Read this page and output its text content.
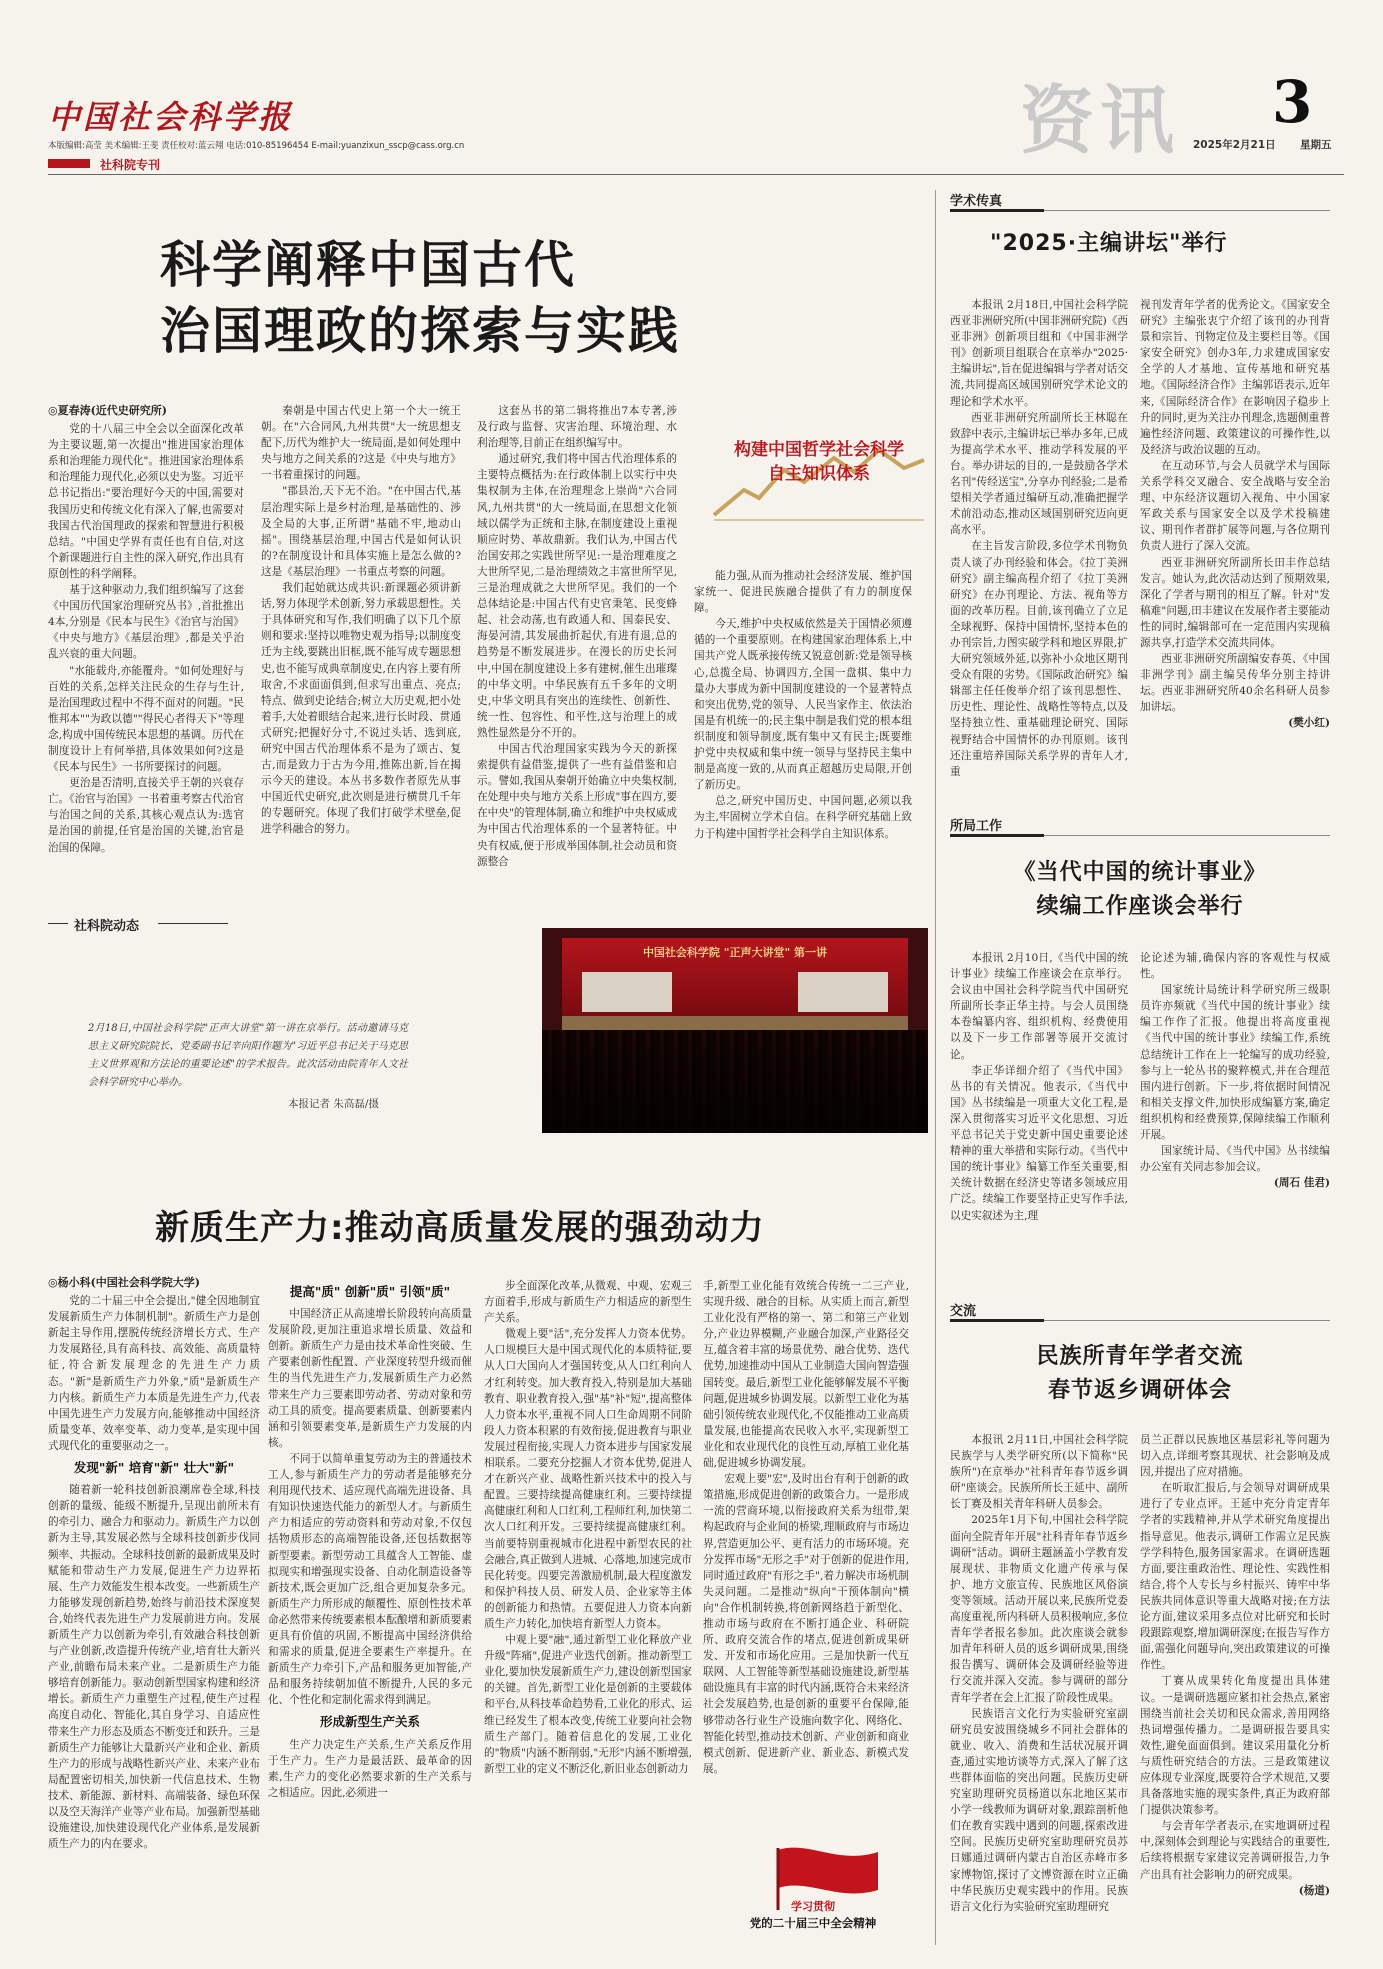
中国社会科学报
本版编辑:高莹 美术编辑:王斐 责任校对:蓝云翔 电话:010-85196454 E-mail:yuanzixun_sscp@cass.org.cn
社科院专刊
资讯 3
2025年2月21日 星期五
科学阐释中国古代
治国理政的探索与实践

◎夏春涛(近代史研究所)

党的十八届三中全会以全面深化改革为主要议题,第一次提出"推进国家治理体系和治理能力现代化"。推进国家治理体系和治理能力现代化,必须以史为鉴。习近平总书记指出:"要治理好今天的中国,需要对我国历史和传统文化有深入了解,也需要对我国古代治国理政的探索和智慧进行积极总结。"中国史学界有责任也有自信,对这个新课题进行自主性的深入研究,作出具有原创性的科学阐释。

基于这种驱动力,我们组织编写了这套《中国历代国家治理研究丛书》,首批推出4本,分别是《民本与民生》《治官与治国》《中央与地方》《基层治理》,都是关乎治乱兴衰的重大问题。

"水能载舟,亦能覆舟。"如何处理好与百姓的关系,怎样关注民众的生存与生计,是治国理政过程中不得不面对的问题。"民惟邦本""为政以德""得民心者得天下"等理念,构成中国传统民本思想的基调。历代在制度设计上有何举措,具体效果如何?这是《民本与民生》一书所要探讨的问题。

更治是否清明,直接关乎王朝的兴衰存亡。《治官与治国》一书着重考察古代治官与治国之间的关系,其核心观点认为:选官是治国的前提,任官是治国的关键,治官是治国的保障。

秦朝是中国古代史上第一个大一统王朝。在"六合同风,九州共贯"大一统思想支配下,历代为维护大一统局面,是如何处理中央与地方之间关系的?这是《中央与地方》一书着重探讨的问题。

"郡县治,天下无不治。"在中国古代,基层治理实际上是乡村治理,是基础性的、涉及全局的大事,正所谓"基础不牢,地动山摇"。围绕基层治理,中国古代是如何认识的?在制度设计和具体实施上是怎么做的?这是《基层治理》一书重点考察的问题。

我们起始就达成共识:新课题必须讲新话,努力体现学术创新,努力承载思想性。关于具体研究和写作,我们明确了以下几个原则和要求:坚持以唯物史观为指导;以制度变迁为主线,要跳出旧框,既不能写成专题思想史,也不能写成典章制度史,在内容上要有所取舍,不求面面俱到,但求写出重点、亮点;特点、做到史论结合;树立大历史观,把小处着手,大处着眼结合起来,进行长时段、贯通式研究;把握好分寸,不说过头话、选到底,研究中国古代治理体系不是为了颂古、复古,而是致力于古为今用,推陈出新,旨在揭示今天的建设。本丛书多数作者原先从事中国近代史研究,此次则是进行横贯几千年的专题研究。体现了我们打破学术壁垒,促进学科融合的努力。

这套丛书的第二辑将推出7本专著,涉及行政与监督、灾害治理、环境治理、水利治理等,目前正在组织编写中。

通过研究,我们将中国古代治理体系的主要特点概括为:在行政体制上以实行中央集权制为主体,在治理理念上崇尚"六合同风,九州共贯"的大一统局面,在思想文化领域以儒学为正统和主脉,在制度建设上重视顺应时势、革故鼎新。我们认为,中国古代治国安邦之实践世所罕见:一是治理难度之大世所罕见,二是治理绩效之丰富世所罕见,三是治理成就之大世所罕见。我们的一个总体结论是:中国古代有史官秉笔、民变蜂起、社会动荡,也有政通人和、国泰民安、海晏河清,其发展曲折起伏,有进有退,总的趋势是不断发展进步。在漫长的历史长河中,中国在制度建设上多有建树,催生出璀璨的中华文明。中华民族有五千多年的文明史,中华文明具有突出的连续性、创新性、统一性、包容性、和平性,这与治理上的成熟性显然是分不开的。

中国古代治理国家实践为今天的新探索提供有益借鉴,提供了一些有益借鉴和启示。譬如,我国从秦朝开始确立中央集权制,在处理中央与地方关系上形成"事在四方,要在中央"的管理体制,确立和维护中央权威成为中国古代治理体系的一个显著特征。中央有权威,便于形成举国体制,社会动员和资源整合

构建中国哲学社会科学
自主知识体系

能力强,从而为推动社会经济发展、维护国家统一、促进民族融合提供了有力的制度保障。

今天,维护中央权威依然是关于国情必须遵循的一个重要原则。在构建国家治理体系上,中国共产党人既承接传统又锐意创新:党是领导核心,总揽全局、协调四方,全国一盘棋、集中力量办大事成为新中国制度建设的一个显著特点和突出优势,党的领导、人民当家作主、依法治国是有机统一的;民主集中制是我们党的根本组织制度和领导制度,既有集中又有民主;既要维护党中央权威和集中统一领导与坚持民主集中制是高度一致的,从而真正超越历史局限,开创了新历史。

总之,研究中国历史、中国问题,必须以我为主,牢固树立学术自信。在科学研究基础上致力于构建中国哲学社会科学自主知识体系。

社科院动态
2月18日,中国社会科学院"正声大讲堂"第一讲在京举行。活动邀请马克思主义研究院院长、党委副书记辛向阳作题为"习近平总书记关于马克思主义世界观和方法论的重要论述"的学术报告。此次活动由院青年人文社会科学研究中心举办。
本报记者 朱高磊/摄
中国社会科学院 "正声大讲堂" 第一讲
新质生产力:推动高质量发展的强劲动力

◎杨小科(中国社会科学院大学)

党的二十届三中全会提出,"健全因地制宜发展新质生产力体制机制"。新质生产力是创新起主导作用,摆脱传统经济增长方式、生产力发展路径,具有高科技、高效能、高质量特征,符合新发展理念的先进生产力质态。"新"是新质生产力外象,"质"是新质生产力内核。新质生产力本质是先进生产力,代表中国先进生产力发展方向,能够推动中国经济质量变革、效率变革、动力变革,是实现中国式现代化的重要驱动之一。

发现"新" 培育"新" 壮大"新"

随着新一轮科技创新浪潮席卷全球,科技创新的量级、能级不断提升,呈现出前所未有的牵引力、融合力和驱动力。新质生产力以创新为主导,其发展必然与全球科技创新步伐同频率、共振动。全球科技创新的最新成果及时赋能和带动生产力发展,促进生产力边界拓展、生产力效能发生根本改变。一些新质生产力能够发现创新趋势,始终与前沿技术深度契合,始终代表先进生产力发展前进方向。发展新质生产力以创新为牵引,有效融合科技创新与产业创新,改造提升传统产业,培育壮大新兴产业,前瞻布局未来产业。二是新质生产力能够培育创新能力。驱动创新型国家构建和经济增长。新质生产力重塑生产过程,使生产过程高度自动化、智能化,其自身学习、自适应性带来生产力形态及质态不断变迁和跃升。三是新质生产力能够让大量新兴产业和企业、新质生产力的形成与战略性新兴产业、未来产业布局配置密切相关,加快新一代信息技术、生物技术、新能源、新材料、高端装备、绿色环保以及空天海洋产业等产业布局。加强新型基础设施建设,加快建设现代化产业体系,是发展新质生产力的内在要求。

提高"质" 创新"质" 引领"质"

中国经济正从高速增长阶段转向高质量发展阶段,更加注重追求增长质量、效益和创新。新质生产力是由技术革命性突破、生产要素创新性配置、产业深度转型升级而催生的当代先进生产力,发展新质生产力必然带来生产力三要素即劳动者、劳动对象和劳动工具的质变。提高要素质量、创新要素内涵和引领要素变革,是新质生产力发展的内核。

不同于以简单重复劳动为主的普通技术工人,参与新质生产力的劳动者是能够充分利用现代技术、适应现代高端先进设备、具有知识快速迭代能力的新型人才。与新质生产力相适应的劳动资料和劳动对象,不仅包括物质形态的高端智能设备,还包括数据等新型要素。新型劳动工具蕴含人工智能、虚拟现实和增强现实设备、自动化制造设备等新技术,既会更加广泛,组合更加复杂多元。新质生产力所形成的颠覆性、原创性技术革命必然带来传统要素根本酝酿增和新质要素更具有价值的巩固,不断提高中国经济供给和需求的质量,促进全要素生产率提升。在新质生产力牵引下,产品和服务更加智能,产品和服务持续朝加值不断提升,人民的多元化、个性化和定制化需求得到满足。

形成新型生产关系

生产力决定生产关系,生产关系反作用于生产力。生产力是最活跃、最革命的因素,生产力的变化必然要求新的生产关系与之相适应。因此,必须进一

步全面深化改革,从微观、中观、宏观三方面着手,形成与新质生产力相适应的新型生产关系。

微观上要"活",充分发挥人力资本优势。人口规模巨大是中国式现代化的本质特征,要从人口大国向人才强国转变,从人口红利向人才红利转变。加大教育投入,特别是加大基础教育、职业教育投入,强"基"补"短",提高整体人力资本水平,重视不同人口生命周期不同阶段人力资本积累的有效衔接,促进教育与职业发展过程衔接,实现人力资本进步与国家发展相联系。二要充分挖掘人才资本优势,促进人才在新兴产业、战略性新兴技术中的投入与配置。三要持续提高健康红利。三要持续提高健康红利和人口红利,工程师红利,加快第二次人口红利开发。三要持续提高健康红利。当前要特别重视城市化进程中新型农民的社会融合,真正做到人进城、心落地,加速完成市民化转变。四要完善激励机制,最大程度激发和保护科技人员、研发人员、企业家等主体的创新能力和热情。五要促进人力资本向新质生产力转化,加快培育新型人力资本。

中观上要"融",通过新型工业化释放产业升级"阵痛",促进产业迭代创新。推动新型工业化,要加快发展新质生产力,建设创新型国家的关键。首先,新型工业化是创新的主要载体和平台,从科技革命趋势看,工业化的形式、运维已经发生了根本改变,传统工业要向社会物质生产部门。随着信息化的发展,工业化的"物质"内涵不断削弱,"无形"内涵不断增强,新型工业的定义不断泛化,新旧业态创新动力

手,新型工业化能有效统合传统一二三产业,实现升级、融合的目标。从实质上而言,新型工业化没有严格的第一、第二和第三产业划分,产业边界模糊,产业融合加深,产业路径交互,蕴含着丰富的场景优势、融合优势、迭代优势,加速推动中国从工业制造大国向智造强国转变。最后,新型工业化能够解发展不平衡问题,促进城乡协调发展。以新型工业化为基础引领传统农业现代化,不仅能推动工业高质量发展,也能提高农民收入水平,实现新型工业化和农业现代化的良性互动,厚植工业化基础,促进城乡协调发展。

宏观上要"宏",及时出台有利于创新的政策措施,形成促进创新的政策合力。一是形成一流的营商环境,以衔接政府关系为纽带,架构起政府与企业间的桥梁,理顺政府与市场边界,营造更加公平、更有活力的市场环境。充分发挥市场"无形之手"对于创新的促进作用,同时通过政府"有形之手",着力解决市场机制失灵问题。二是推动"纵向"干预体制向"横向"合作机制转换,将创新网络趋于新型化、推动市场与政府在不断打通企业、科研院所、政府交流合作的堵点,促进创新成果研发、开发和市场化应用。三是加快新一代互联网、人工智能等新型基础设施建设,新型基础设施具有丰富的时代内涵,既符合未来经济社会发展趋势,也是创新的重要平台保障,能够带动各行业生产设施向数字化、网络化、智能化转型,推动技术创新、产业创新和商业模式创新、促进新产业、新业态、新模式发展。

学习贯彻
党的二十届三中全会精神
学术传真
"2025·主编讲坛"举行

本报讯 2月18日,中国社会科学院西亚非洲研究所(中国非洲研究院)《西亚非洲》创新项目组和《中国非洲学刊》创新项目组联合在京举办"2025·主编讲坛",旨在促进编辑与学者对话交流,共同提高区域国别研究学术论文的理论和学术水平。

西亚非洲研究所副所长王林聪在致辞中表示,主编讲坛已举办多年,已成为提高学术水平、推动学科发展的平台。举办讲坛的目的,一是鼓励各学术名刊"传经送宝",分享办刊经验;二是希望相关学者通过编研互动,准确把握学术前沿动态,推动区域国别研究迈向更高水平。

在主旨发言阶段,多位学术刊物负责人谈了办刊经验和体会。《拉丁美洲研究》副主编高程介绍了《拉丁美洲研究》在办刊理论、方法、视角等方面的改革历程。目前,该刊确立了立足全球视野、保持中国情怀,坚持本色的办刊宗旨,力图实破学科和地区界限,扩大研究领域外延,以弥补小众地区期刊受众有限的劣势。《国际政治研究》编辑部主任任俊举介绍了该刊思想性、历史性、理论性、战略性等特点,以及坚持独立性、重基础理论研究、国际视野结合中国情怀的办刊原则。该刊还注重培养国际关系学界的青年人才,重

视刊发青年学者的优秀论文。《国家安全研究》主编张衷宁介绍了该刊的办刊背景和宗旨、刊物定位及主要栏目等。《国家安全研究》创办3年,力求建成国家安全学的人才基地、宣传基地和研究基地。《国际经济合作》主编郭语表示,近年来,《国际经济合作》在影响因子稳步上升的同时,更为关注办刊理念,选题侧重普遍性经济问题、政策建议的可操作性,以及经济与政治议题的互动。

在互动环节,与会人员就学术与国际关系学科交叉融合、安全战略与安全治理、中东经济议题切入视角、中小国家军政关系与国家安全以及学术投稿建议、期刊作者群扩展等问题,与各位期刊负责人进行了深入交流。

西亚非洲研究所副所长田丰作总结发言。她认为,此次活动达到了预期效果,深化了学者与期刊的相互了解。针对"发稿难"问题,田丰建议在发展作者主要能动性的同时,编辑部可在一定范围内实现稿源共享,打造学术交流共同体。

西亚非洲研究所副编安春英、《中国非洲学刊》副主编吴传华分别主持讲坛。西亚非洲研究所40余名科研人员参加讲坛。

(樊小红)

所局工作
《当代中国的统计事业》
续编工作座谈会举行

本报讯 2月10日,《当代中国的统计事业》续编工作座谈会在京举行。会议由中国社会科学院当代中国研究所副所长李正华主持。与会人员围绕本卷编纂内容、组织机构、经费使用以及下一步工作部署等展开交流讨论。

李正华详细介绍了《当代中国》丛书的有关情况。他表示,《当代中国》丛书续编是一项重大文化工程,是深入贯彻落实习近平文化思想、习近平总书记关于党史新中国史重要论述精神的重大举措和实际行动。《当代中国的统计事业》编纂工作至关重要,相关统计数据在经济史等诸多领域应用广泛。续编工作要坚持正史写作手法,以史实叙述为主,理

论论述为辅,确保内容的客观性与权威性。

国家统计局统计科学研究所三级职员许亦频就《当代中国的统计事业》续编工作作了汇报。他提出将高度重视《当代中国的统计事业》续编工作,系统总结统计工作在上一轮编写的成功经验,参与上一轮丛书的聚粹模式,并在合理范围内进行创新。下一步,将依据时间情况和相关支撑文件,加快形成编纂方案,确定组织机构和经费预算,保障续编工作顺利开展。

国家统计局、《当代中国》丛书续编办公室有关同志参加会议。

(周石 佳君)

交流
民族所青年学者交流
春节返乡调研体会

本报讯 2月11日,中国社会科学院民族学与人类学研究所(以下简称"民族所")在京举办"社科青年春节返乡调研"座谈会。民族所所长王延中、副所长丁赛及相关青年科研人员参会。

2025年1月下旬,中国社会科学院面向全院青年开展"社科青年春节返乡调研"活动。调研主题涵盖小学教育发展现状、非物质文化遗产传承与保护、地方文旅宣传、民族地区风俗演变等领域。活动开展以来,民族所党委高度重视,所内科研人员积极响应,多位青年学者报名参加。此次座谈会就参加青年科研人员的返乡调研成果,围绕报告撰写、调研体会及调研经验等进行交流并深入交流。参与调研的部分青年学者在会上汇报了阶段性成果。

民族语言文化行为实验研究室副研究员安波围绕城乡不同社会群体的就业、收入、消费和生活状况展开调查,通过实地访谈等方式,深入了解了这些群体面临的突出问题。民族历史研究室助理研究员杨道以东北地区某市小学一线教师为调研对象,跟踪剖析他们在教育实践中遇到的问题,探索改进空间。民族历史研究室助理研究员苏日娜通过调研内蒙古自治区赤峰市多家博物馆,探讨了文博资源在时立正确中华民族历史观实践中的作用。民族语言文化行为实验研究室助理研究

员兰正群以民族地区基层彩礼等问题为切入点,详细考察其现状、社会影响及成因,并提出了应对措施。

在听取汇报后,与会领导对调研成果进行了专业点评。王延中充分肯定青年学者的实践精神,并从学术研究角度提出指导意见。他表示,调研工作需立足民族学学科特色,服务国家需求。在调研选题方面,要注重政治性、理论性、实践性相结合,将个人专长与乡村振兴、铸牢中华民族共同体意识等重大战略对接;在方法论方面,建议采用多点位对比研究和长时段跟踪观察,增加调研深度;在报告写作方面,需强化问题导向,突出政策建议的可操作性。

丁赛从成果转化角度提出具体建议。一是调研选题应紧扣社会热点,紧密围绕当前社会关切和民众需求,善用网络热词增强传播力。二是调研报告要具实效性,避免面面俱到。建议采用量化分析与质性研究结合的方法。三是政策建议应体现专业深度,既要符合学术规范,又要具备落地实施的现实条件,真正为政府部门提供决策参考。

与会青年学者表示,在实地调研过程中,深刻体会到理论与实践结合的重要性,后续将根据专家建议完善调研报告,力争产出具有社会影响力的研究成果。

(杨道)
